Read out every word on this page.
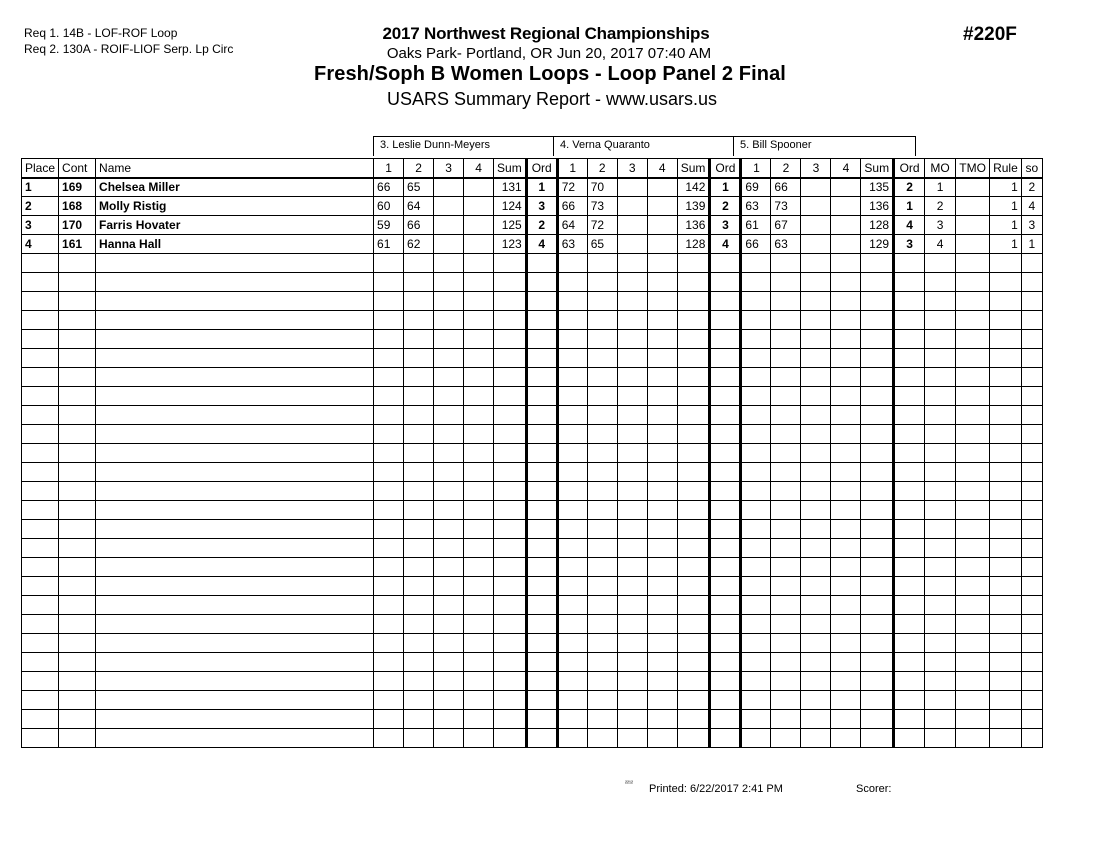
Req 1. 14B - LOF-ROF Loop
Req 2. 130A - ROIF-LIOF Serp. Lp Circ
2017 Northwest Regional Championships
Oaks Park- Portland, OR Jun 20, 2017 07:40 AM
Fresh/Soph B Women Loops - Loop Panel 2 Final
USARS Summary Report - www.usars.us
#220F
3. Leslie Dunn-Meyers	4. Verna Quaranto	5. Bill Spooner
Place	Cont	Name	1	2	3	4	Sum	Ord	1	2	3	4	Sum	Ord	1	2	3	4	Sum	Ord	MO	TMO	Rule	so
1	169	Chelsea Miller	66	65			131	1	72	70			142	1	69	66			135	2	1		1	2
2	168	Molly Ristig	60	64			124	3	66	73			139	2	63	73			136	1	2		1	4
3	170	Farris Hovater	59	66			125	2	64	72			136	3	61	67			128	4	3		1	3
4	161	Hanna Hall	61	62			123	4	63	65			128	4	66	63			129	3	4		1	1

²²¹² Printed: 6/22/2017 2:41 PM	Scorer:
